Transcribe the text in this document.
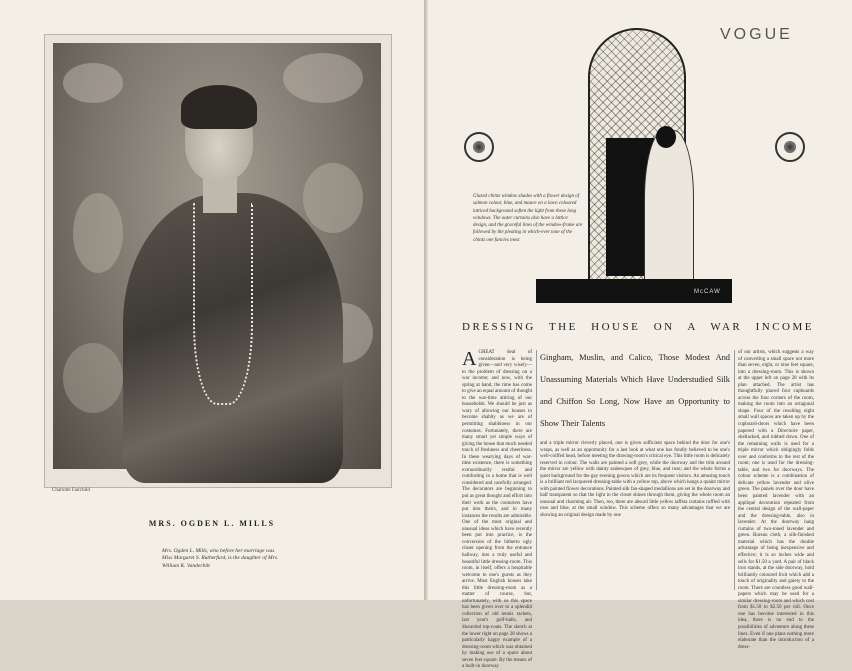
Charlotte Fairchild
MRS. OGDEN L. MILLS
Mrs. Ogden L. Mills, who before her marriage was Miss Margaret S. Rutherfurd, is the daughter of Mrs. William K. Vanderbilt
VOGUE
McCAW
Glazed chintz window shades with a flower design of salmon colour, blue, and mauve on a lawn coloured latticed background soften the light from these long windows. The outer curtains also have a lattice design, and the graceful lines of the window-frame are followed by the pleating in which-ever tone of the chintz one fancies most
DRESSING THE HOUSE ON A WAR INCOME
Gingham, Muslin, and Calico, Those Modest And Unassuming Materials Which Have Understudied Silk and Chiffon So Long, Now Have an Opportunity to Show Their Talents
AGREAT deal of consideration is being given—and very wisely—to the problem of dressing on a war income; and now, with the spring at hand, the time has come to give an equal amount of thought to the war-time attiring of our households. We should be just as wary of allowing our houses to become shabby as we are of permitting shabbiness in our costumes. Fortunately, there are many smart yet simple ways of giving the house that much needed touch of freshness and cheeriness. In these wearying days of war-time existence, there is something extraordinarily restful and comforting in a home that is well considered and carefully arranged. The decorators are beginning to put as great thought and effort into their work as the couturiers have put into theirs, and in many instances the results are admirable. One of the most original and unusual ideas which have recently been put into practice, is the conversion of the hitherto ugly closet opening from the entrance hallway, into a truly useful and beautiful little dressing-room. This room, in itself, offers a hospitable welcome to one's guests as they arrive. Most English houses take this little dressing-room as a matter of course, but, unfortunately, with us this space has been given over to a splendid collection of old tennis rackets, last year's golf-balls, and discarded top-coats. The sketch at the lower right on page 28 shows a particularly happy example of a dressing-room which was obtained by making use of a space about seven feet square. By the means of a built-in doorway
and a triple mirror cleverly placed, one is given sufficient space behind the door for one's wraps, as well as an opportunity for a last look at what one has fondly believed to be one's well-coiffed head, before meeting the drawing-room's critical eye. This little room is delicately reserved in colour. The walls are painted a soft grey, while the doorway and the trim around the mirror are yellow with dainty arabesques of grey, blue, and rose; and the whole forms a quiet background for the gay evening gowns which are its frequent visitors. An amusing touch is a brilliant red lacquered dressing-table with a yellow top, above which hangs a quaint mirror with painted flower decorations. Painted silk fan-shaped medallions are set in the doorway and half transparent so that the light in the closet shines through them, giving the whole room an unusual and charming air. Then, too, there are absurd little yellow taffeta curtains ruffled with rose and blue, at the small window. This scheme offers so many advantages that we are showing an original design made by one
of our artists, which suggests a way of converting a small space not more than seven, eight, or nine feet square, into a dressing-room. This is shown at the upper left on page 28 with its plan attached. The artist has thoughtfully placed four cupboards across the four corners of the room, making the room into an octagonal shape. Four of the resulting eight small wall spaces are taken up by the cupboard-doors which have been papered with a Directoire paper, shellacked, and rubbed down. One of the remaining walls is used for a triple mirror which obligingly folds over and conforms to the rest of the room; one is used for the dressing-table, and two for doorways. The colour scheme is a combination of delicate yellow lavender and olive green. The panels over the door have been painted lavender with an appliqué decoration repeated from the central design of the wall-paper and the dressing-table, also in lavender. At the doorway hang curtains of two-toned lavender and green. Bureau cloth, a silk-finished material which has the double advantage of being inexpensive and effective; it is so inches wide and sells for $1.50 a yard. A pair of black iron stands, at the side doorway, hold brilliantly coloured fruit which add a touch of originality and gaiety to the room. There are countless good wall-papers which may be used for a similar dressing-room and which cost from $1.50 to $2.50 per roll. Once one has become interested in this idea, there is no end to the possibilities of adventure along these lines. Even if one plans nothing more elaborate than the introduction of a dress-
